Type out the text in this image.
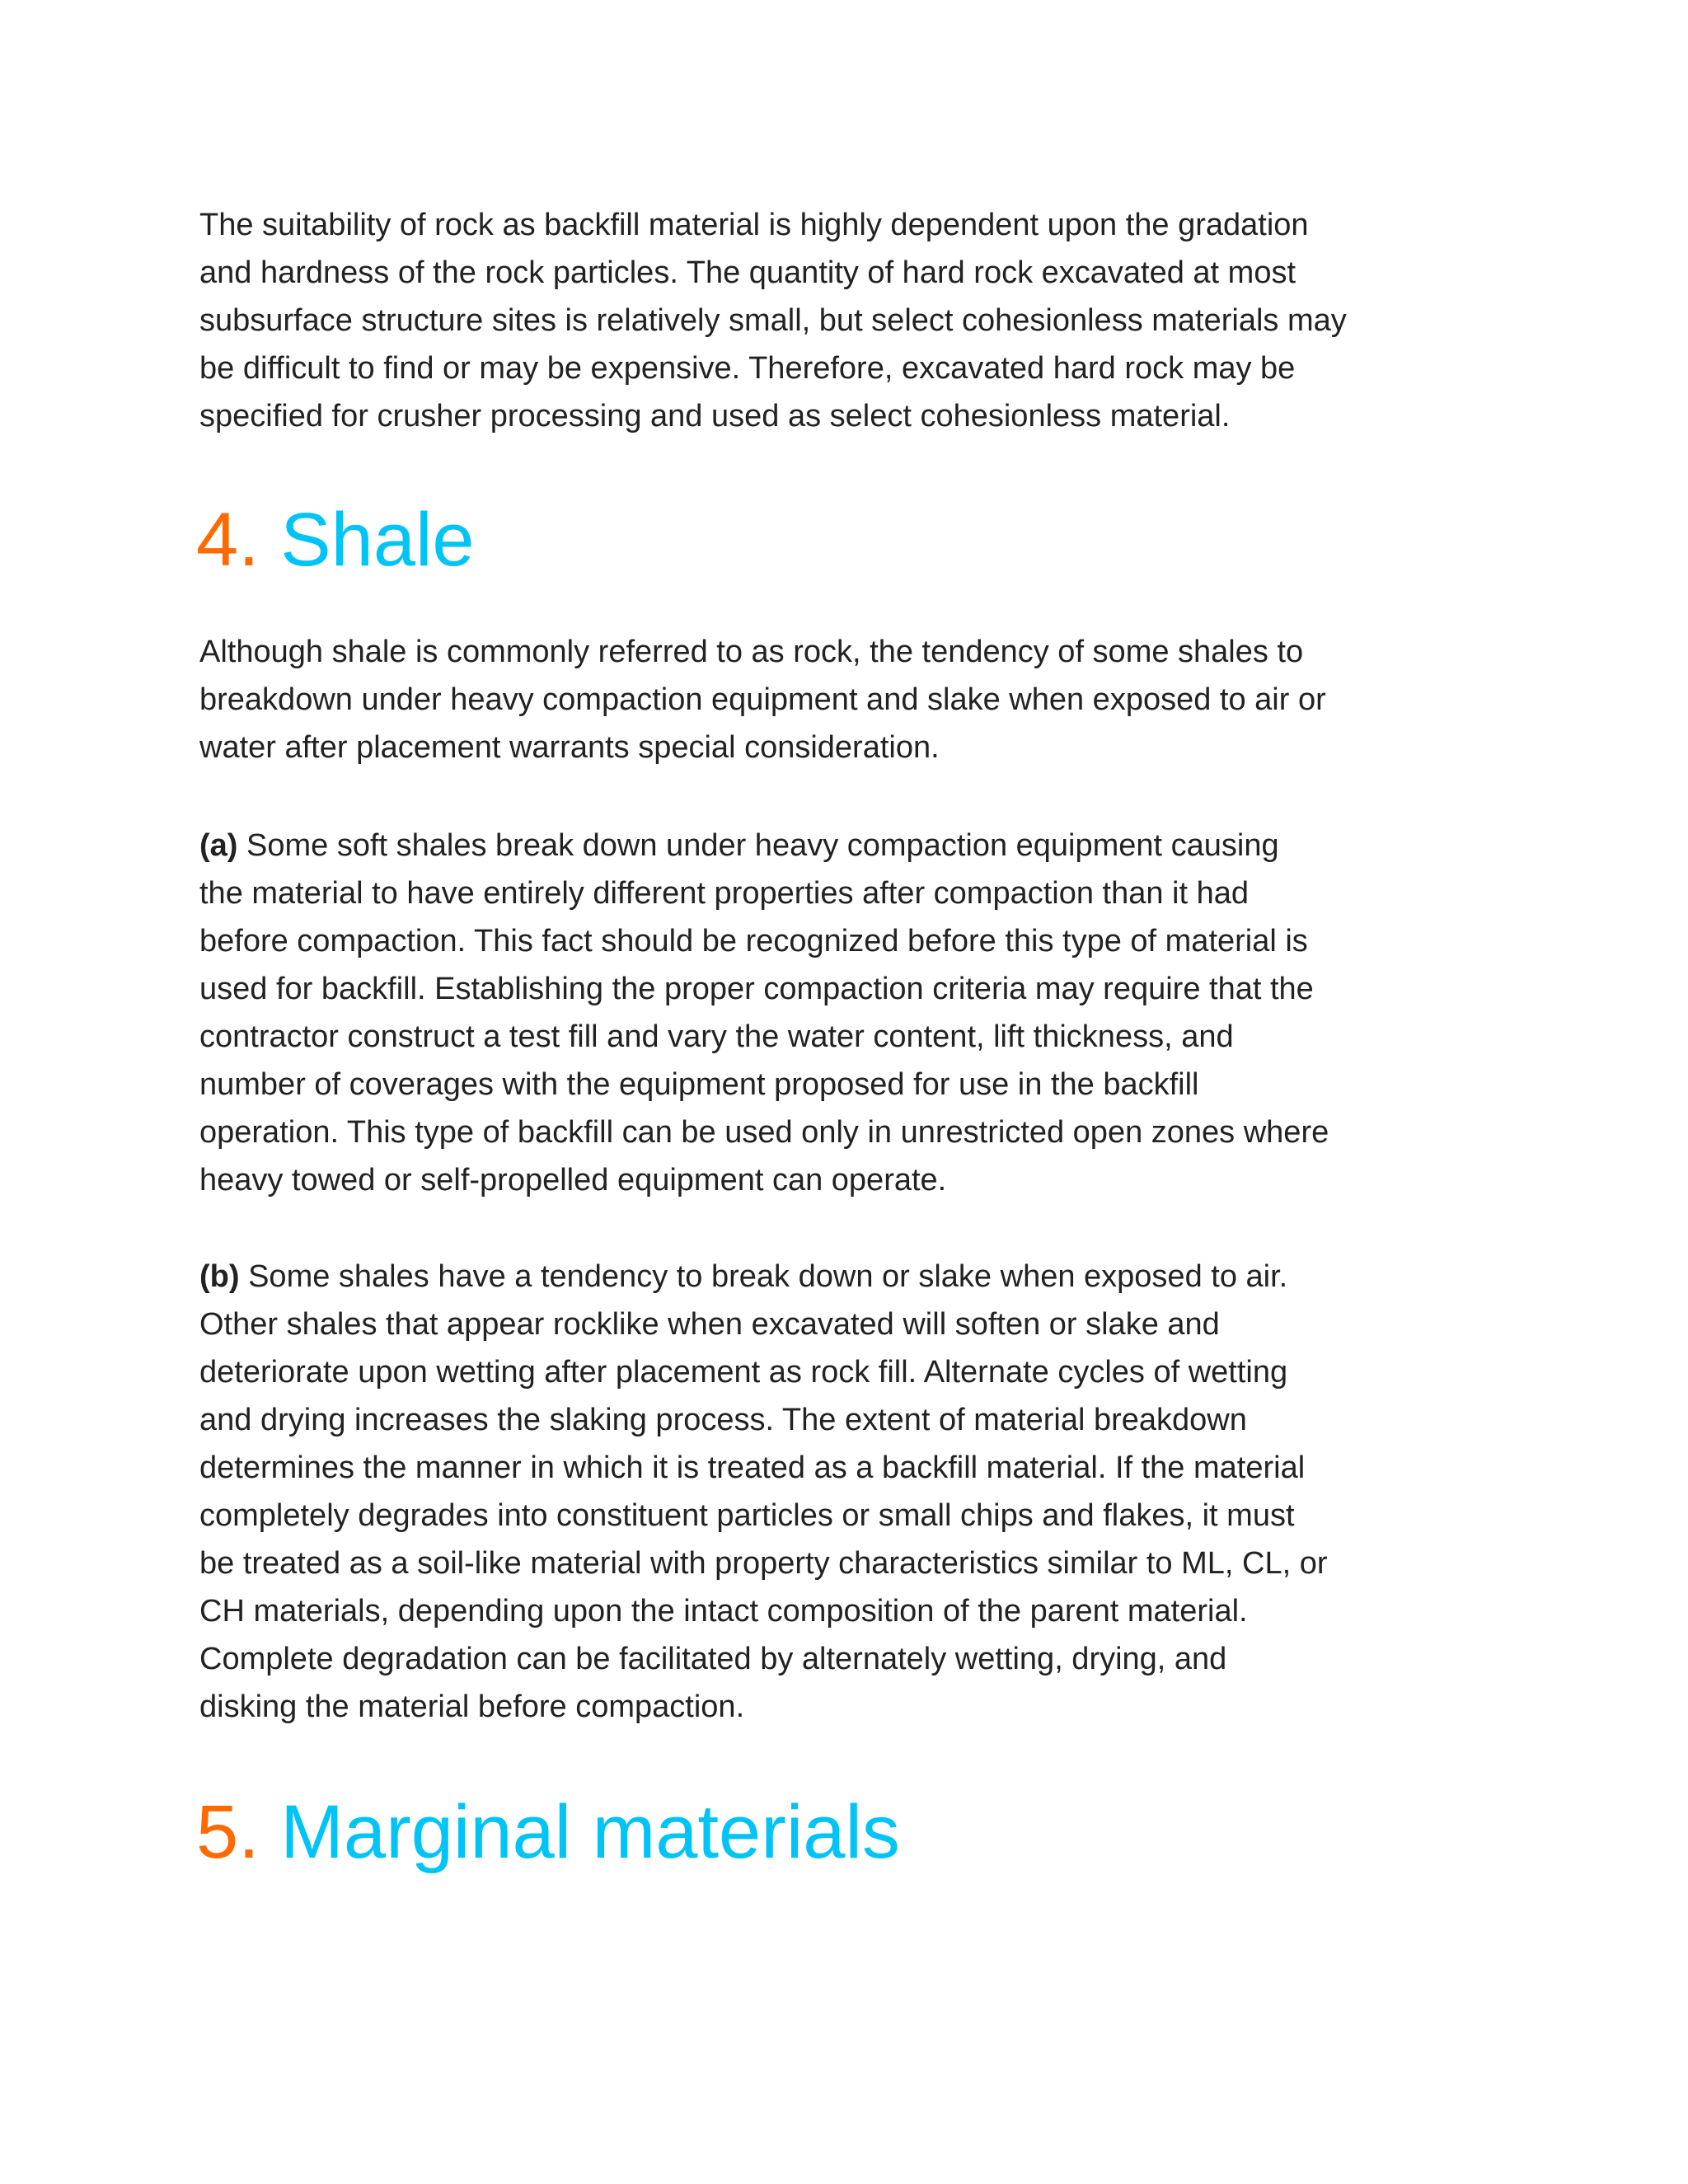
The suitability of rock as backfill material is highly dependent upon the gradation
and hardness of the rock particles. The quantity of hard rock excavated at most
subsurface structure sites is relatively small, but select cohesionless materials may
be difficult to find or may be expensive. Therefore, excavated hard rock may be
specified for crusher processing and used as select cohesionless material.
4. Shale
Although shale is commonly referred to as rock, the tendency of some shales to
breakdown under heavy compaction equipment and slake when exposed to air or
water after placement warrants special consideration.
(a) Some soft shales break down under heavy compaction equipment causing
the material to have entirely different properties after compaction than it had
before compaction. This fact should be recognized before this type of material is
used for backfill. Establishing the proper compaction criteria may require that the
contractor construct a test fill and vary the water content, lift thickness, and
number of coverages with the equipment proposed for use in the backfill
operation. This type of backfill can be used only in unrestricted open zones where
heavy towed or self-propelled equipment can operate.
(b) Some shales have a tendency to break down or slake when exposed to air.
Other shales that appear rocklike when excavated will soften or slake and
deteriorate upon wetting after placement as rock fill. Alternate cycles of wetting
and drying increases the slaking process. The extent of material breakdown
determines the manner in which it is treated as a backfill material. If the material
completely degrades into constituent particles or small chips and flakes, it must
be treated as a soil-like material with property characteristics similar to ML, CL, or
CH materials, depending upon the intact composition of the parent material.
Complete degradation can be facilitated by alternately wetting, drying, and
disking the material before compaction.
5. Marginal materials
